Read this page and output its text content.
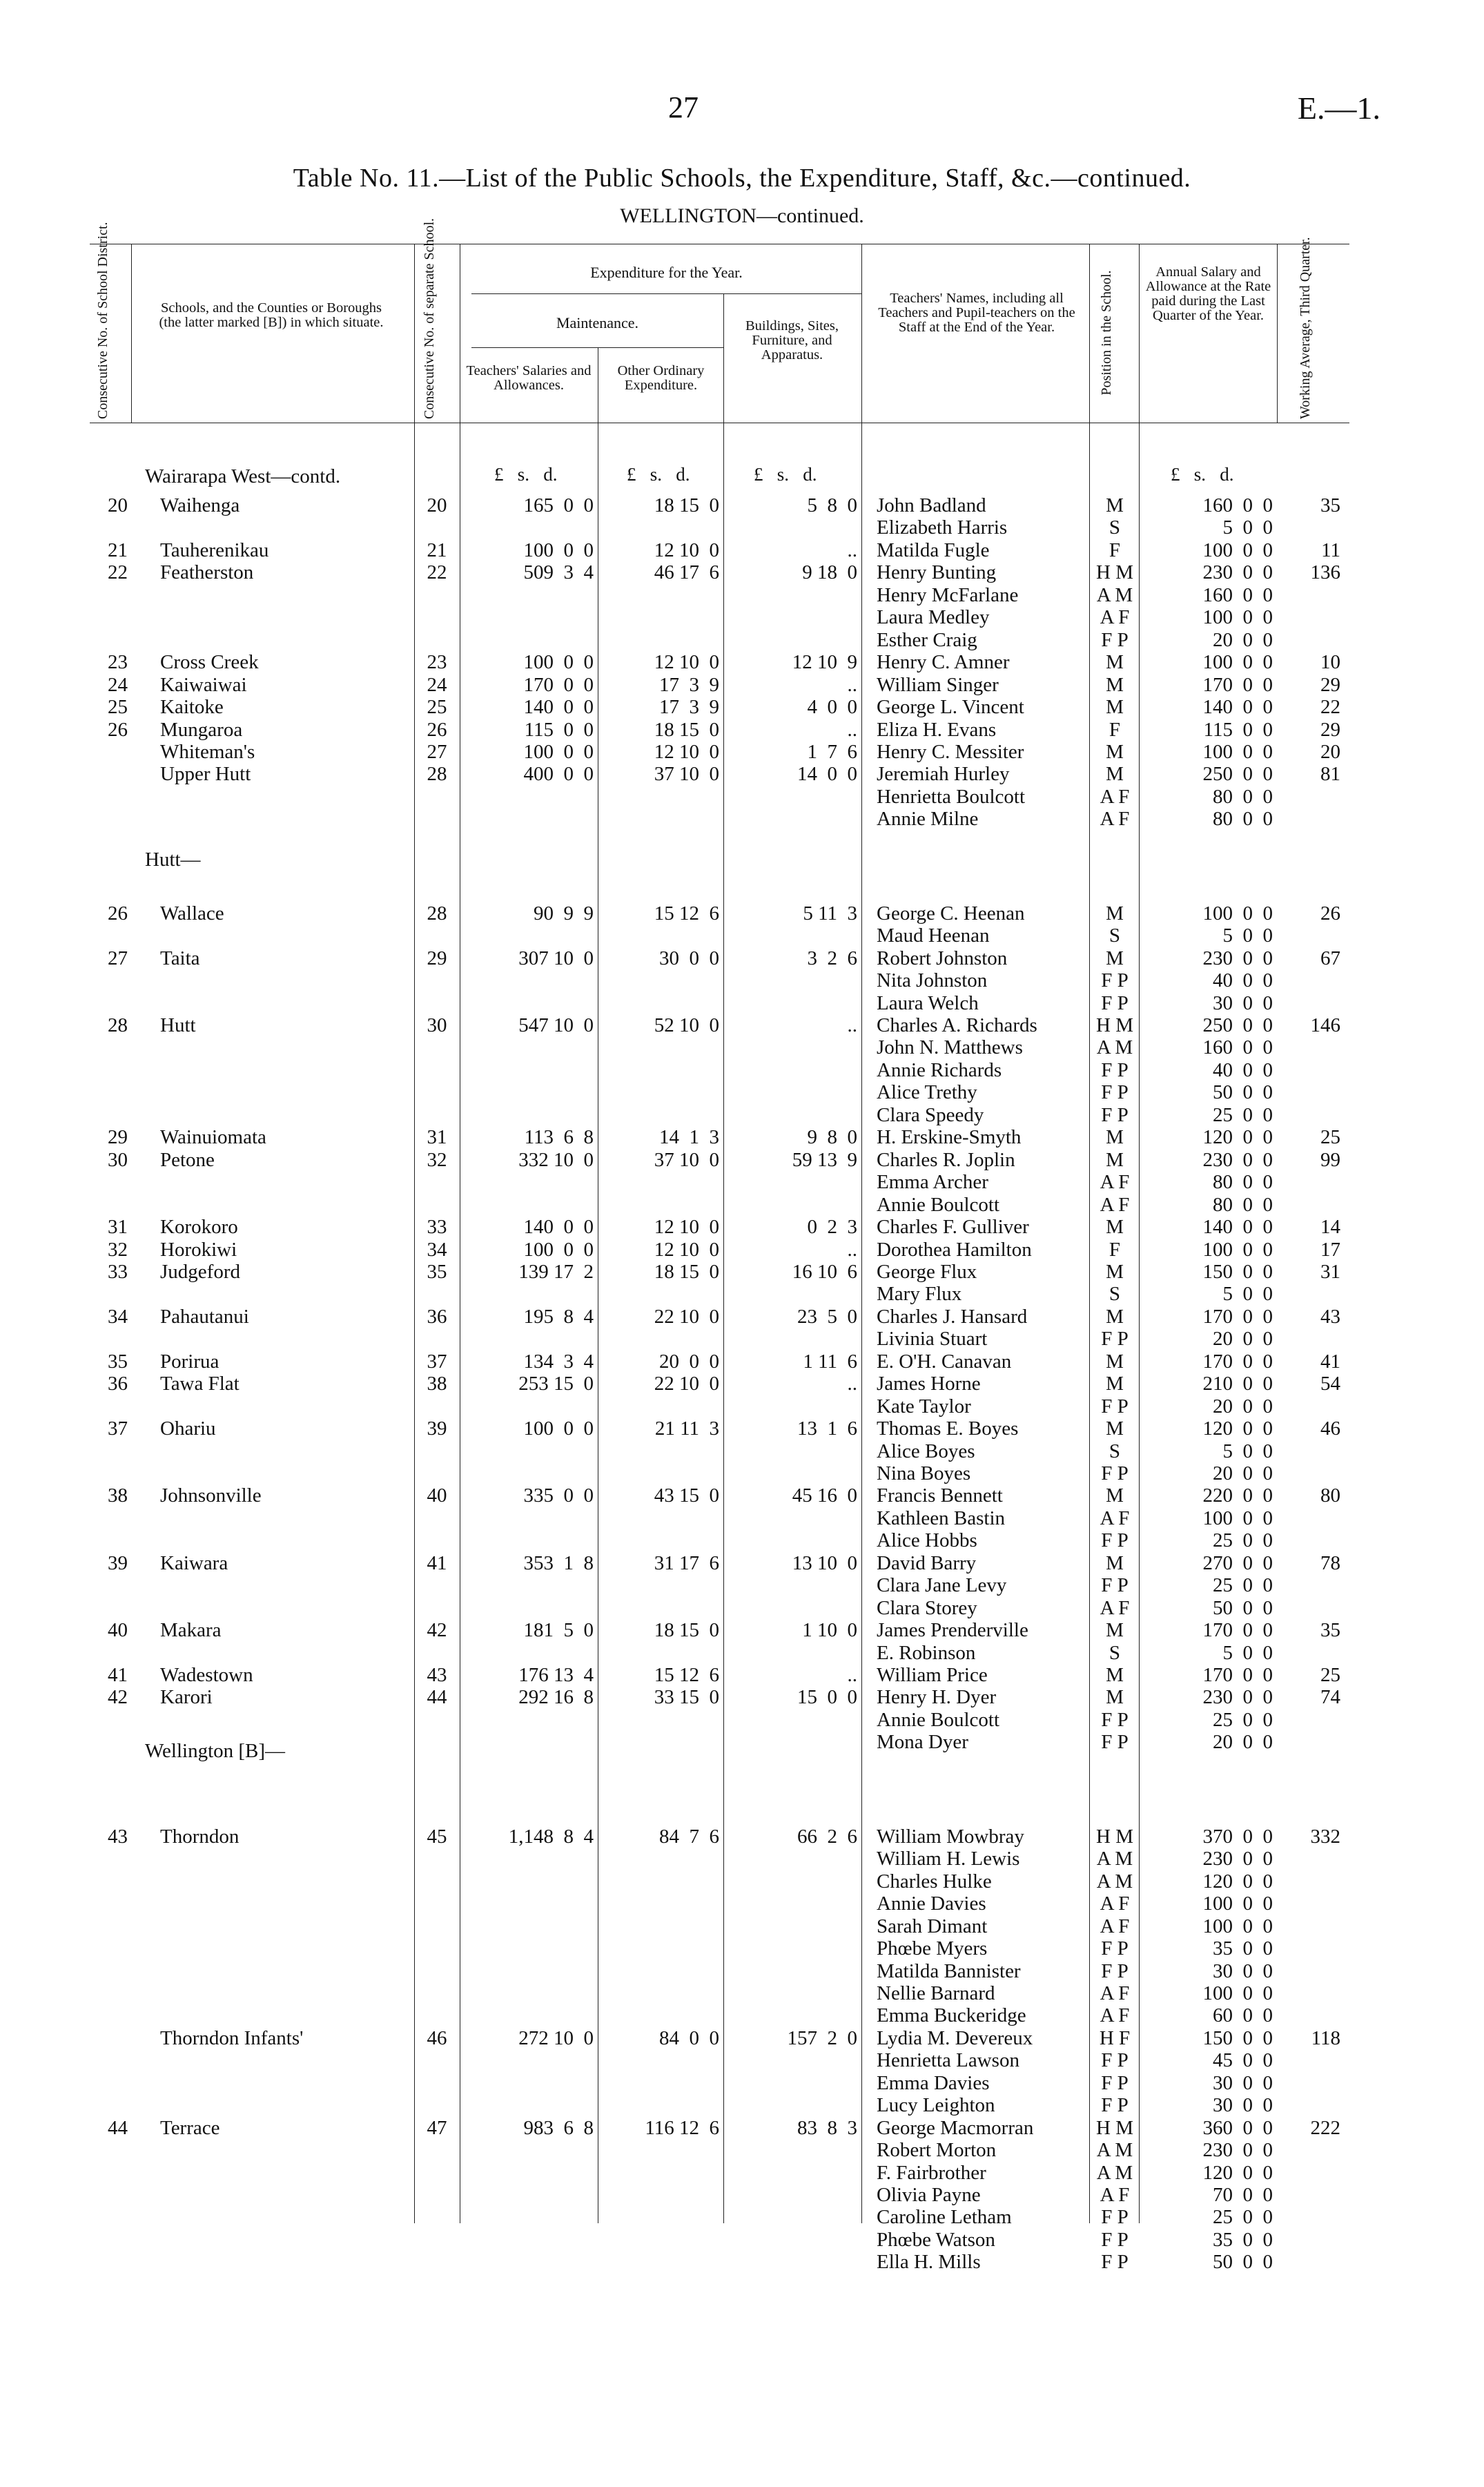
27	E.—1.
Table No. 11.—List of the Public Schools, the Expenditure, Staff, &c.—continued.
WELLINGTON—continued.
Consecutive No. of School District.	Schools, and the Counties or Boroughs (the latter marked [B]) in which situate.	Consecutive No. of separate School.	Expenditure for the Year.
Maintenance.
Teachers' Salaries and Allowances.
Other Ordinary Expenditure.
Buildings, Sites, Furniture, and Apparatus.
Teachers' Names, including all Teachers and Pupil-teachers on the Staff at the End of the Year.	Position in the School.	Annual Salary and Allowance at the Rate paid during the Last Quarter of the Year.	Working Average, Third Quarter.
£   s.   d.	£   s.   d.	£   s.   d.	£   s.   d.
Wairarapa West—contd.
Hutt—
Wellington [B]—
20 Waihenga	20	165  0  0	18 15  0	5  8  0 John Badland	M	160  0  0	35
Elizabeth Harris	S	5  0  0
21 Tauherenikau	21	100  0  0	12 10  0	.. Matilda Fugle	F	100  0  0	11
22 Featherston	22	509  3  4	46 17  6	9 18  0 Henry Bunting	H M	230  0  0	136
Henry McFarlane	A M	160  0  0
Laura Medley	A F	100  0  0
Esther Craig	F P	20  0  0
23 Cross Creek	23	100  0  0	12 10  0	12 10  9 Henry C. Amner	M	100  0  0	10
24 Kaiwaiwai	24	170  0  0	17  3  9	.. William Singer	M	170  0  0	29
25 Kaitoke	25	140  0  0	17  3  9	4  0  0 George L. Vincent	M	140  0  0	22
26 Mungaroa	26	115  0  0	18 15  0	.. Eliza H. Evans	F	115  0  0	29
Whiteman's	27	100  0  0	12 10  0	1  7  6 Henry C. Messiter	M	100  0  0	20
Upper Hutt	28	400  0  0	37 10  0	14  0  0 Jeremiah Hurley	M	250  0  0	81
Henrietta Boulcott	A F	80  0  0
Annie Milne	A F	80  0  0
26 Wallace	28	90  9  9	15 12  6	5 11  3 George C. Heenan	M	100  0  0	26
Maud Heenan	S	5  0  0
27 Taita	29	307 10  0	30  0  0	3  2  6 Robert Johnston	M	230  0  0	67
Nita Johnston	F P	40  0  0
Laura Welch	F P	30  0  0
28 Hutt	30	547 10  0	52 10  0	.. Charles A. Richards	H M	250  0  0	146
John N. Matthews	A M	160  0  0
Annie Richards	F P	40  0  0
Alice Trethy	F P	50  0  0
Clara Speedy	F P	25  0  0
29 Wainuiomata	31	113  6  8	14  1  3	9  8  0 H. Erskine-Smyth	M	120  0  0	25
30 Petone	32	332 10  0	37 10  0	59 13  9 Charles R. Joplin	M	230  0  0	99
Emma Archer	A F	80  0  0
Annie Boulcott	A F	80  0  0
31 Korokoro	33	140  0  0	12 10  0	0  2  3 Charles F. Gulliver	M	140  0  0	14
32 Horokiwi	34	100  0  0	12 10  0	.. Dorothea Hamilton	F	100  0  0	17
33 Judgeford	35	139 17  2	18 15  0	16 10  6 George Flux	M	150  0  0	31
Mary Flux	S	5  0  0
34 Pahautanui	36	195  8  4	22 10  0	23  5  0 Charles J. Hansard	M	170  0  0	43
Livinia Stuart	F P	20  0  0
35 Porirua	37	134  3  4	20  0  0	1 11  6 E. O'H. Canavan	M	170  0  0	41
36 Tawa Flat	38	253 15  0	22 10  0	.. James Horne	M	210  0  0	54
Kate Taylor	F P	20  0  0
37 Ohariu	39	100  0  0	21 11  3	13  1  6 Thomas E. Boyes	M	120  0  0	46
Alice Boyes	S	5  0  0
Nina Boyes	F P	20  0  0
38 Johnsonville	40	335  0  0	43 15  0	45 16  0 Francis Bennett	M	220  0  0	80
Kathleen Bastin	A F	100  0  0
Alice Hobbs	F P	25  0  0
39 Kaiwara	41	353  1  8	31 17  6	13 10  0 David Barry	M	270  0  0	78
Clara Jane Levy	F P	25  0  0
Clara Storey	A F	50  0  0
40 Makara	42	181  5  0	18 15  0	1 10  0 James Prenderville	M	170  0  0	35
E. Robinson	S	5  0  0
41 Wadestown	43	176 13  4	15 12  6	.. William Price	M	170  0  0	25
42 Karori	44	292 16  8	33 15  0	15  0  0 Henry H. Dyer	M	230  0  0	74
Annie Boulcott	F P	25  0  0
Mona Dyer	F P	20  0  0
43 Thorndon	45	1,148  8  4	84  7  6	66  2  6 William Mowbray	H M	370  0  0	332
William H. Lewis	A M	230  0  0
Charles Hulke	A M	120  0  0
Annie Davies	A F	100  0  0
Sarah Dimant	A F	100  0  0
Phœbe Myers	F P	35  0  0
Matilda Bannister	F P	30  0  0
Nellie Barnard	A F	100  0  0
Emma Buckeridge	A F	60  0  0
Thorndon Infants'	46	272 10  0	84  0  0	157  2  0 Lydia M. Devereux	H F	150  0  0	118
Henrietta Lawson	F P	45  0  0
Emma Davies	F P	30  0  0
Lucy Leighton	F P	30  0  0
44 Terrace	47	983  6  8	116 12  6	83  8  3 George Macmorran	H M	360  0  0	222
Robert Morton	A M	230  0  0
F. Fairbrother	A M	120  0  0
Olivia Payne	A F	70  0  0
Caroline Letham	F P	25  0  0
Phœbe Watson	F P	35  0  0
Ella H. Mills	F P	50  0  0
